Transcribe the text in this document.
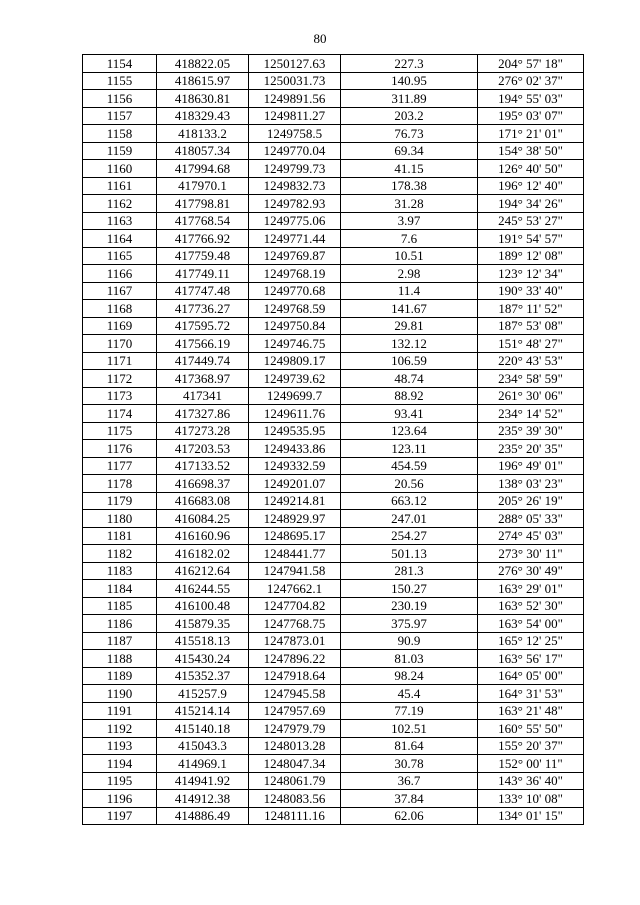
80
1154	418822.05	1250127.63	227.3	204° 57' 18"
1155	418615.97	1250031.73	140.95	276° 02' 37"
1156	418630.81	1249891.56	311.89	194° 55' 03"
1157	418329.43	1249811.27	203.2	195° 03' 07"
1158	418133.2	1249758.5	76.73	171° 21' 01"
1159	418057.34	1249770.04	69.34	154° 38' 50"
1160	417994.68	1249799.73	41.15	126° 40' 50"
1161	417970.1	1249832.73	178.38	196° 12' 40"
1162	417798.81	1249782.93	31.28	194° 34' 26"
1163	417768.54	1249775.06	3.97	245° 53' 27"
1164	417766.92	1249771.44	7.6	191° 54' 57"
1165	417759.48	1249769.87	10.51	189° 12' 08"
1166	417749.11	1249768.19	2.98	123° 12' 34"
1167	417747.48	1249770.68	11.4	190° 33' 40"
1168	417736.27	1249768.59	141.67	187° 11' 52"
1169	417595.72	1249750.84	29.81	187° 53' 08"
1170	417566.19	1249746.75	132.12	151° 48' 27"
1171	417449.74	1249809.17	106.59	220° 43' 53"
1172	417368.97	1249739.62	48.74	234° 58' 59"
1173	417341	1249699.7	88.92	261° 30' 06"
1174	417327.86	1249611.76	93.41	234° 14' 52"
1175	417273.28	1249535.95	123.64	235° 39' 30"
1176	417203.53	1249433.86	123.11	235° 20' 35"
1177	417133.52	1249332.59	454.59	196° 49' 01"
1178	416698.37	1249201.07	20.56	138° 03' 23"
1179	416683.08	1249214.81	663.12	205° 26' 19"
1180	416084.25	1248929.97	247.01	288° 05' 33"
1181	416160.96	1248695.17	254.27	274° 45' 03"
1182	416182.02	1248441.77	501.13	273° 30' 11"
1183	416212.64	1247941.58	281.3	276° 30' 49"
1184	416244.55	1247662.1	150.27	163° 29' 01"
1185	416100.48	1247704.82	230.19	163° 52' 30"
1186	415879.35	1247768.75	375.97	163° 54' 00"
1187	415518.13	1247873.01	90.9	165° 12' 25"
1188	415430.24	1247896.22	81.03	163° 56' 17"
1189	415352.37	1247918.64	98.24	164° 05' 00"
1190	415257.9	1247945.58	45.4	164° 31' 53"
1191	415214.14	1247957.69	77.19	163° 21' 48"
1192	415140.18	1247979.79	102.51	160° 55' 50"
1193	415043.3	1248013.28	81.64	155° 20' 37"
1194	414969.1	1248047.34	30.78	152° 00' 11"
1195	414941.92	1248061.79	36.7	143° 36' 40"
1196	414912.38	1248083.56	37.84	133° 10' 08"
1197	414886.49	1248111.16	62.06	134° 01' 15"
